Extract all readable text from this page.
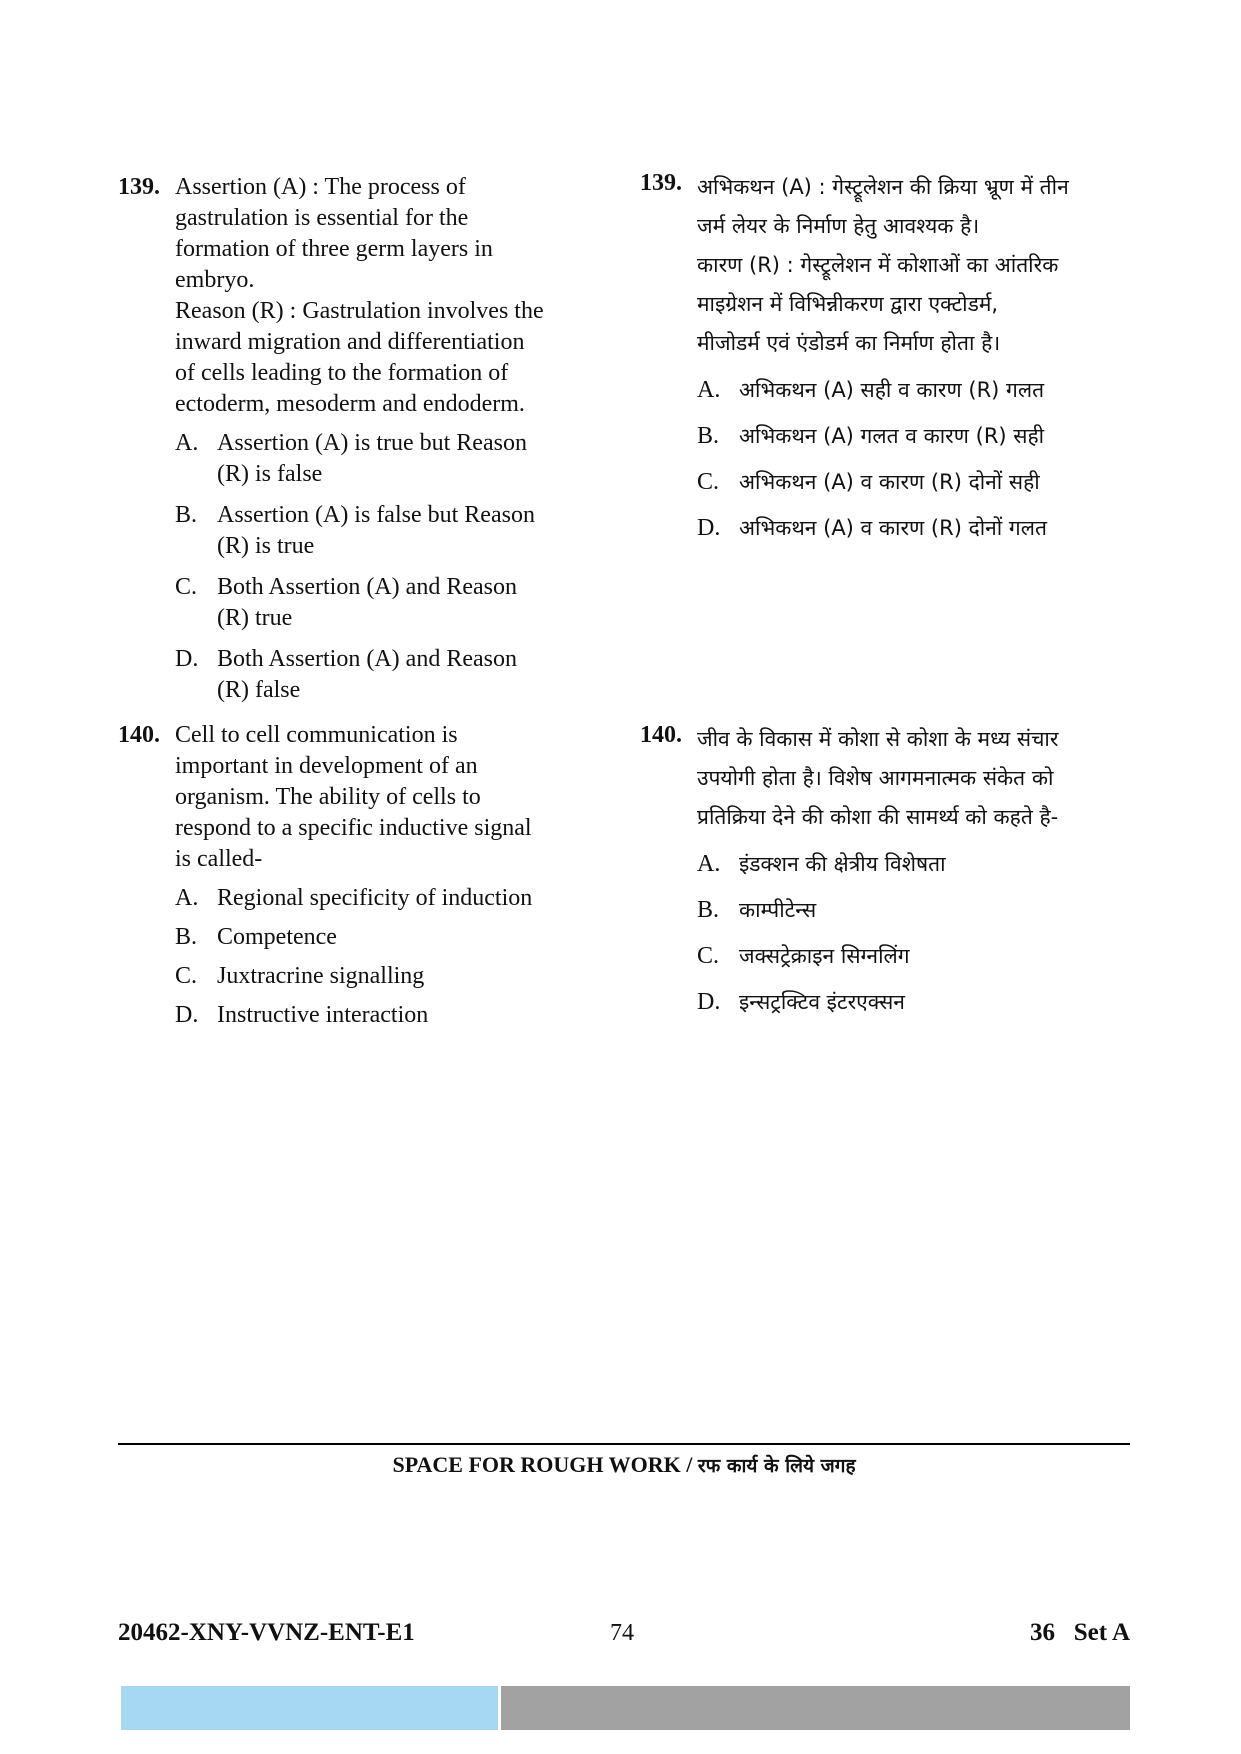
139. Assertion (A) : The process of
gastrulation is essential for the
formation of three germ layers in
embryo.
Reason (R) : Gastrulation involves the
inward migration and differentiation
of cells leading to the formation of
ectoderm, mesoderm and endoderm.
A. Assertion (A) is true but Reason
(R) is false
B. Assertion (A) is false but Reason
(R) is true
C. Both Assertion (A) and Reason
(R) true
D. Both Assertion (A) and Reason
(R) false
140. Cell to cell communication is
important in development of an
organism. The ability of cells to
respond to a specific inductive signal
is called-
A. Regional specificity of induction
B. Competence
C. Juxtracrine signalling
D. Instructive interaction
139. अभिकथन (A) : गेस्ट्रूलेशन की क्रिया भ्रूण में तीन
जर्म लेयर के निर्माण हेतु आवश्यक है।
कारण (R) : गेस्ट्रूलेशन में कोशाओं का आंतरिक
माइग्रेशन में विभिन्नीकरण द्वारा एक्टोडर्म,
मीजोडर्म एवं एंडोडर्म का निर्माण होता है।
A. अभिकथन (A) सही व कारण (R) गलत
B. अभिकथन (A) गलत व कारण (R) सही
C. अभिकथन (A) व कारण (R) दोनों सही
D. अभिकथन (A) व कारण (R) दोनों गलत
140. जीव के विकास में कोशा से कोशा के मध्य संचार
उपयोगी होता है। विशेष आगमनात्मक संकेत को
प्रतिक्रिया देने की कोशा की सामर्थ्य को कहते है-
A. इंडक्शन की क्षेत्रीय विशेषता
B. काम्पीटेन्स
C. जक्सट्रेक्राइन सिग्नलिंग
D. इन्सट्रक्टिव इंटरएक्सन
SPACE FOR ROUGH WORK / रफ कार्य के लिये जगह
20462-XNY-VVNZ-ENT-E1	74	36   Set A
